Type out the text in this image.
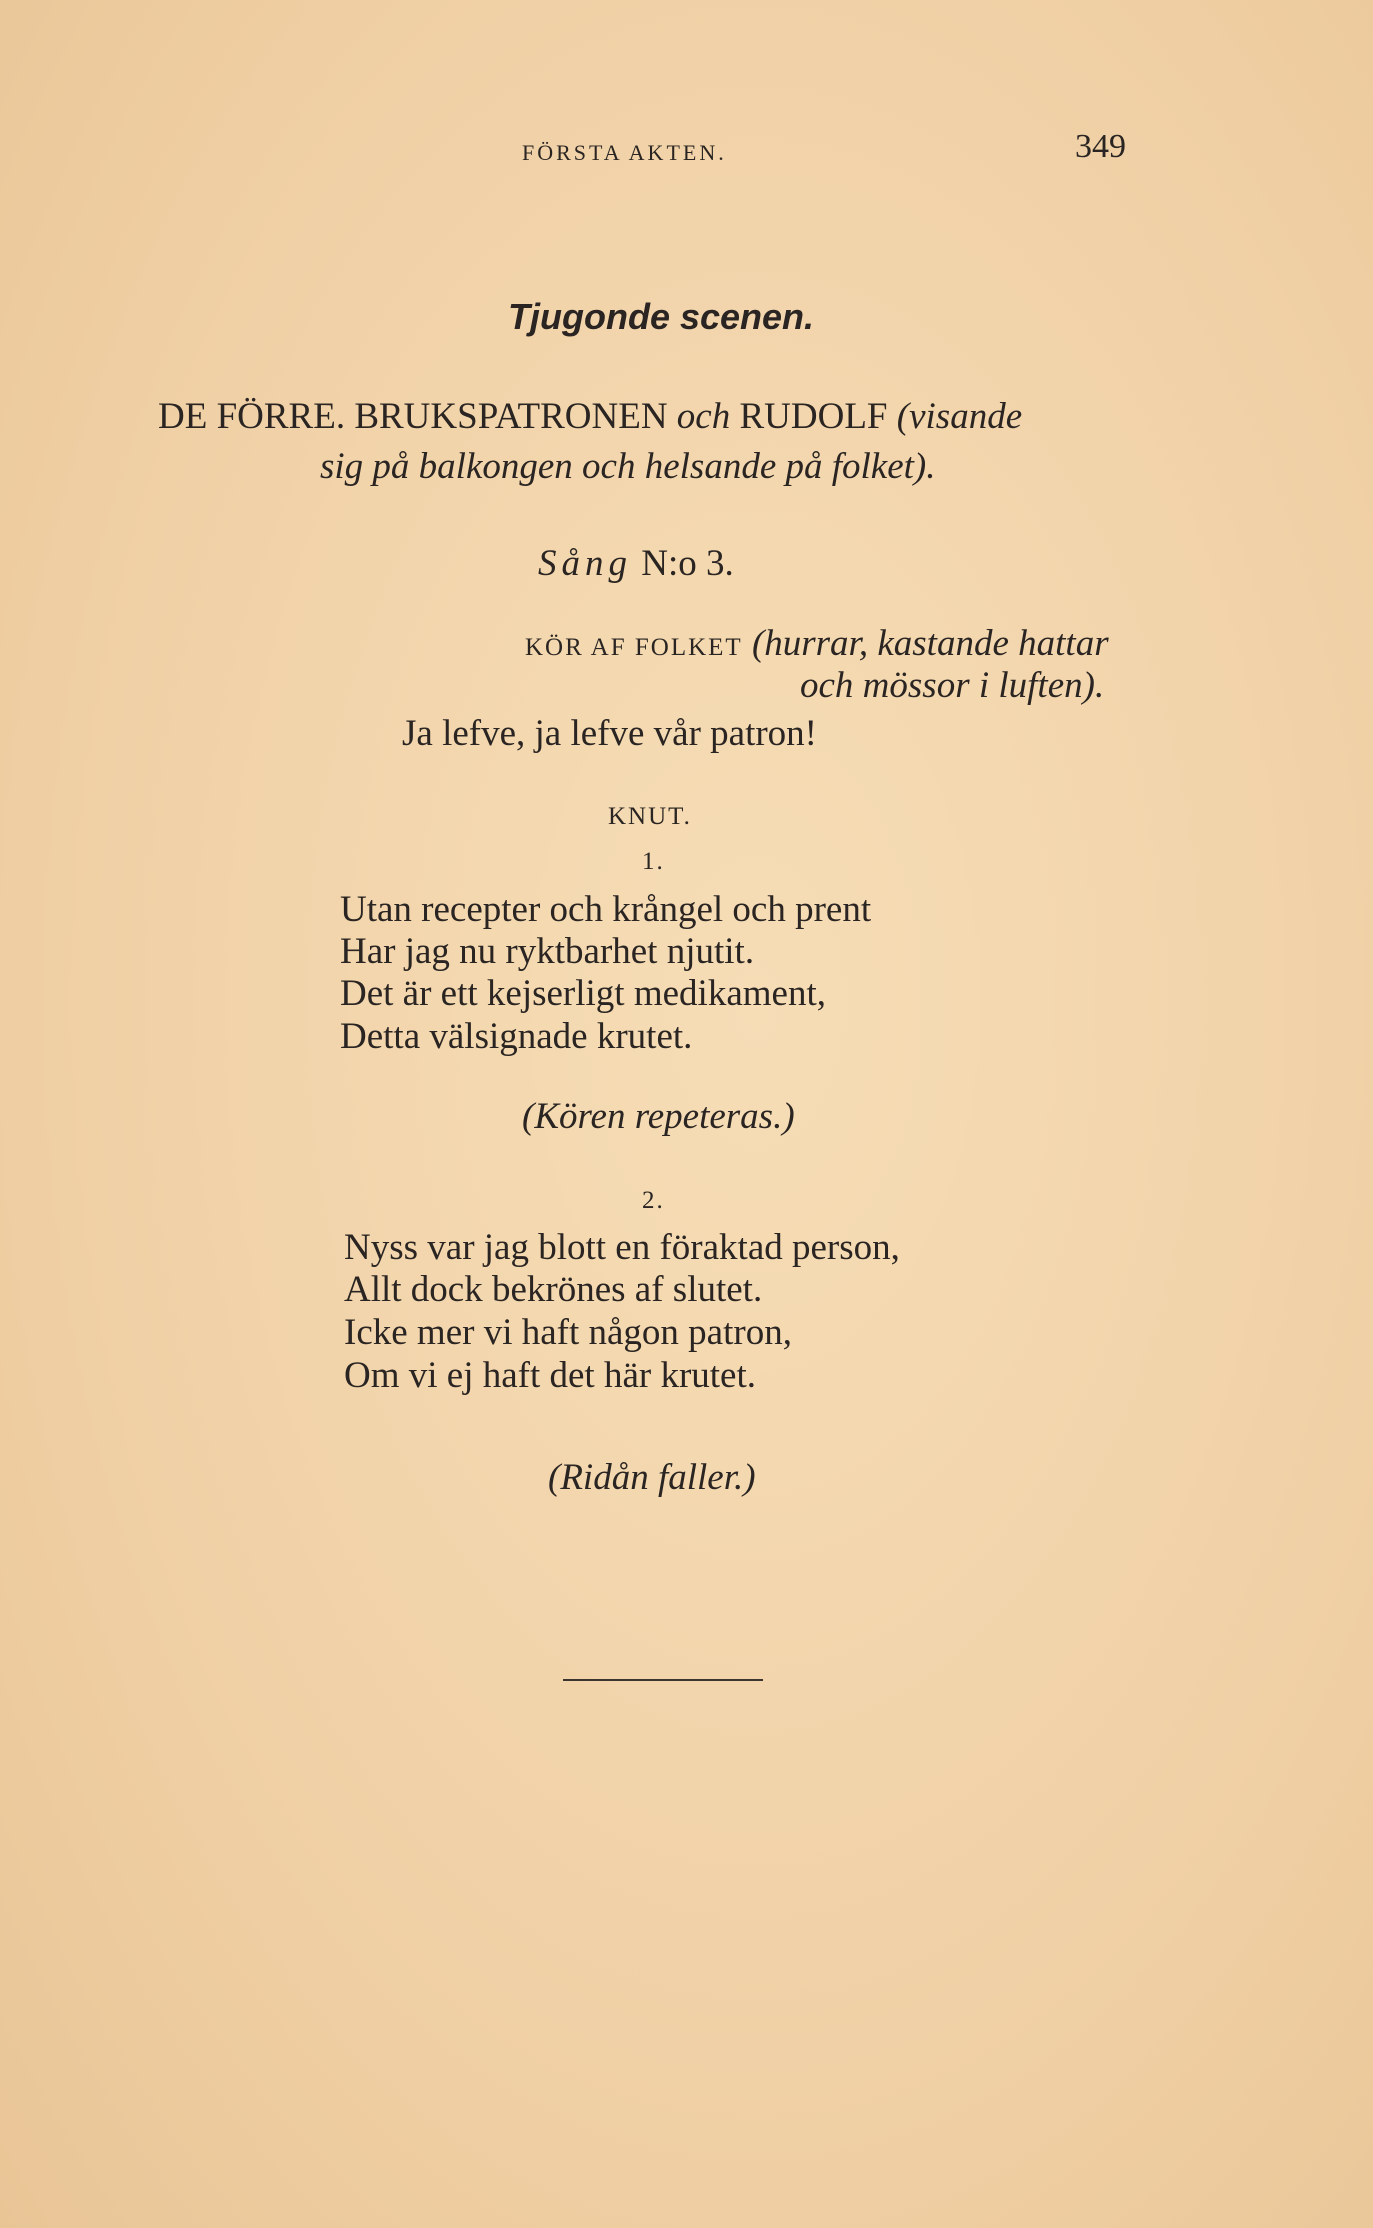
FÖRSTA AKTEN.	349
Tjugonde scenen.
DE FÖRRE. BRUKSPATRONEN och RUDOLF (visande
sig på balkongen och helsande på folket).
Sång N:o 3.
KÖR AF FOLKET (hurrar, kastande hattar
och mössor i luften).
Ja lefve, ja lefve vår patron!
KNUT.
1.
Utan recepter och krångel och prent
Har jag nu ryktbarhet njutit.
Det är ett kejserligt medikament,
Detta välsignade krutet.
(Kören repeteras.)
2.
Nyss var jag blott en föraktad person,
Allt dock bekrönes af slutet.
Icke mer vi haft någon patron,
Om vi ej haft det här krutet.
(Ridån faller.)
